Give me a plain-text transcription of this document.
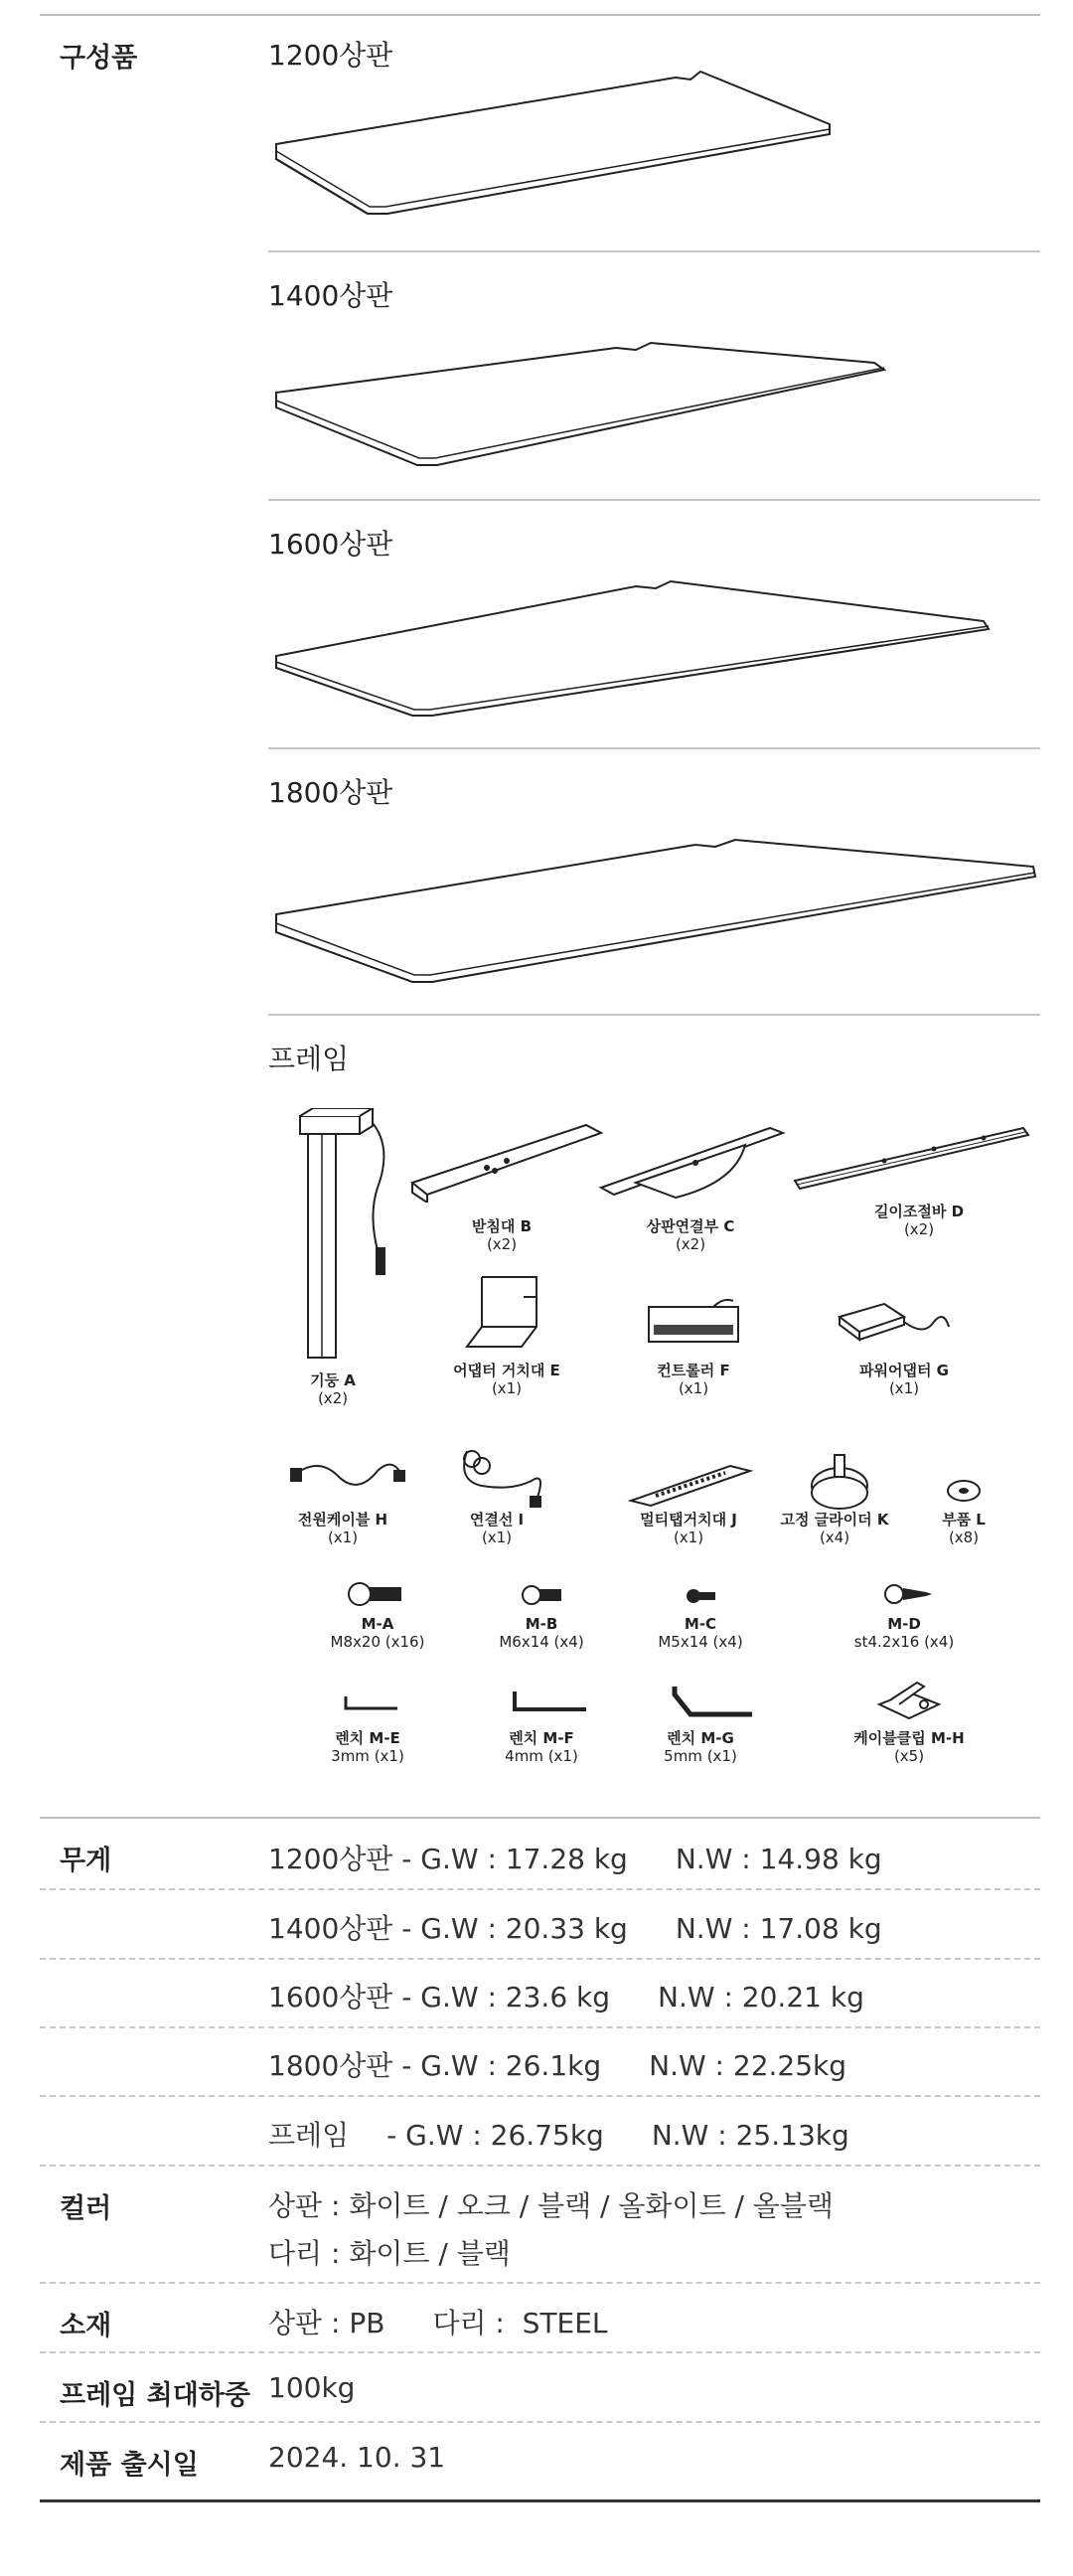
구성품	1200상판
1400상판
1600상판
1800상판
프레임
기둥 A
(x2)
받침대 B
(x2)
상판연결부 C
(x2)
길이조절바 D
(x2)
어댑터 거치대 E
(x1)
컨트롤러 F
(x1)
파워어댑터 G
(x1)
전원케이블 H
(x1)
연결선 I
(x1)
멀티탭거치대 J
(x1)
고정 글라이더 K
(x4)
부품 L
(x8)
M-A
M8x20 (x16)
M-B
M6x14 (x4)
M-C
M5x14 (x4)
M-D
st4.2x16 (x4)
렌치 M-E
3mm (x1)
렌치 M-F
4mm (x1)
렌치 M-G
5mm (x1)
케이블클립 M-H
(x5)
무게	1200상판 - G.W : 17.28 kg N.W : 14.98 kg
1400상판 - G.W : 20.33 kg N.W : 17.08 kg
1600상판 - G.W : 23.6 kg N.W : 20.21 kg
1800상판 - G.W : 26.1kg N.W : 22.25kg
프레임 - G.W : 26.75kg N.W : 25.13kg
컬러	상판 : 화이트 / 오크 / 블랙 / 올화이트 / 올블랙
다리 : 화이트 / 블랙
소재	상판 : PB 다리 :  STEEL
프레임 최대하중 100kg
제품 출시일	2024. 10. 31
